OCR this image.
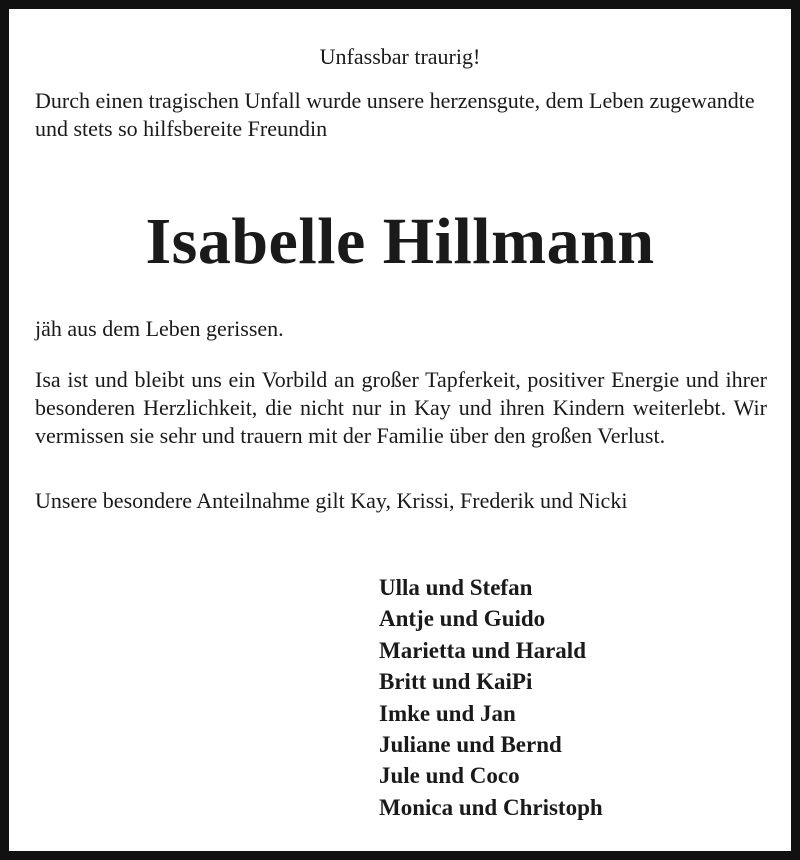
Unfassbar traurig!

Durch einen tragischen Unfall wurde unsere herzensgute, dem Leben zugewandte und stets so hilfsbereite Freundin

Isabelle Hillmann

jäh aus dem Leben gerissen.

Isa ist und bleibt uns ein Vorbild an großer Tapferkeit, positiver Energie und ihrer besonderen Herzlichkeit, die nicht nur in Kay und ihren Kindern weiterlebt. Wir vermissen sie sehr und trauern mit der Familie über den großen Verlust.

Unsere besondere Anteilnahme gilt Kay, Krissi, Frederik und Nicki

Ulla und Stefan
Antje und Guido
Marietta und Harald
Britt und KaiPi
Imke und Jan
Juliane und Bernd
Jule und Coco
Monica und Christoph
